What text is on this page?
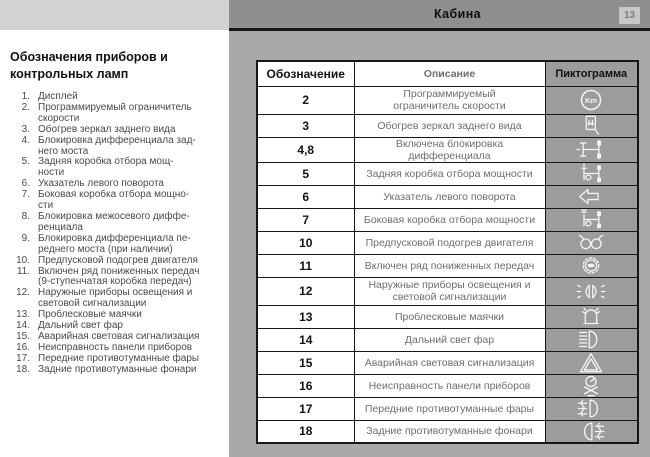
Кабина	13
Обозначения приборов и
контрольных ламп
1. Дисплей
2. Программируемый ограничитель
скорости
3. Обогрев зеркал заднего вида
4. Блокировка дифференциала зад-
него моста
5. Задняя коробка отбора мощ-
ности
6. Указатель левого поворота
7. Боковая коробка отбора мощно-
сти
8. Блокировка межосевого диффе-
ренциала
9. Блокировка дифференциала пе-
реднего моста (при наличии)
10. Предпусковой подогрев двигателя
11. Включен ряд пониженных передач
(9-ступенчатая коробка передач)
12. Наружные приборы освещения и
световой сигнализации
13. Проблесковые маячки
14. Дальний свет фар
15. Аварийная световая сигнализация
16. Неисправность панели приборов
17. Передние противотуманные фары
18. Задние противотуманные фонари
Обозначение	Описание	Пиктограмма
2	Программируемый
ограничитель скорости	Km

3	Обогрев зеркал заднего вида	

4,8	Включена блокировка дифференциала	

5	Задняя коробка отбора мощности	

6	Указатель левого поворота	

7	Боковая коробка отбора мощности	

10	Предпусковой подогрев двигателя	

11	Включен ряд пониженных передач	

12	Наружные приборы освещения и
световой сигнализации	

13	Проблесковые маячки	

14	Дальний свет фар	

15	Аварийная световая сигнализация	

16	Неисправность панели приборов	

17	Передние противотуманные фары	

18	Задние противотуманные фонари	
